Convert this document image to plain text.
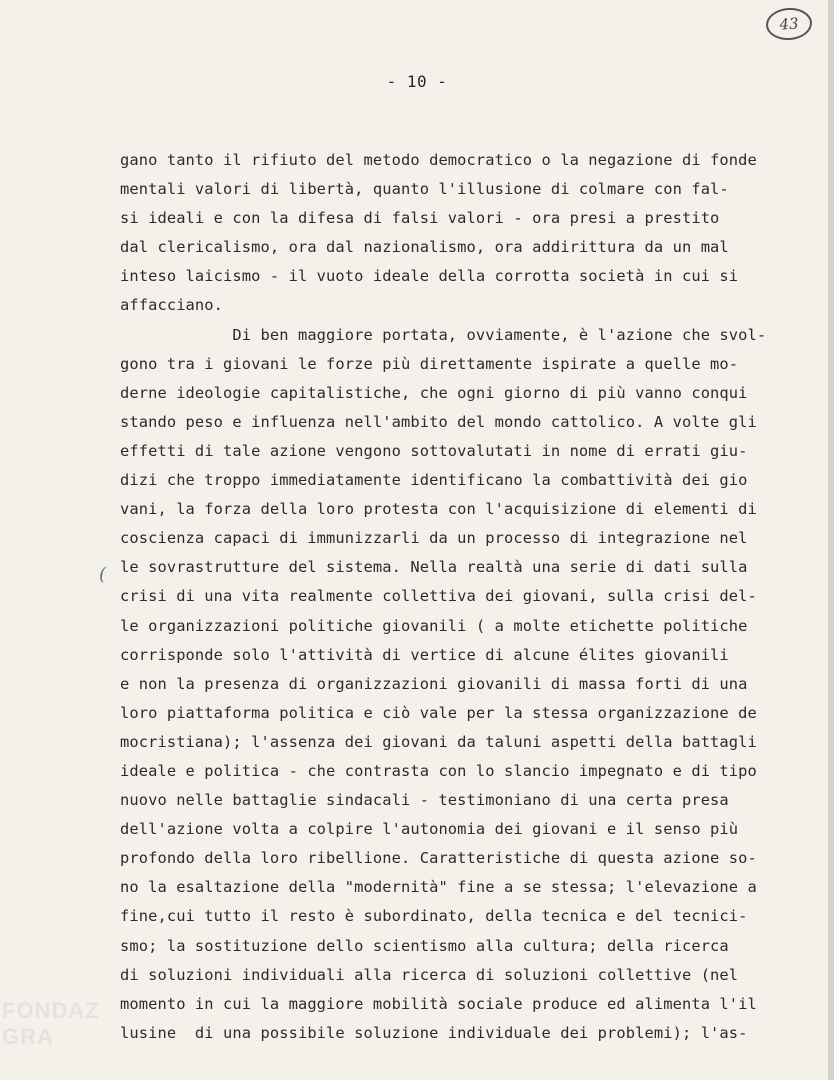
43
- 10 -
(
gano tanto il rifiuto del metodo democratico o la negazione di fonde
mentali valori di libertà, quanto l'illusione di colmare con fal-
si ideali e con la difesa di falsi valori - ora presi a prestito
dal clericalismo, ora dal nazionalismo, ora addirittura da un mal
inteso laicismo - il vuoto ideale della corrotta società in cui si
affacciano.
Di ben maggiore portata, ovviamente, è l'azione che svol-
gono tra i giovani le forze più direttamente ispirate a quelle mo-
derne ideologie capitalistiche, che ogni giorno di più vanno conqui
stando peso e influenza nell'ambito del mondo cattolico. A volte gli
effetti di tale azione vengono sottovalutati in nome di errati giu-
dizi che troppo immediatamente identificano la combattività dei gio
vani, la forza della loro protesta con l'acquisizione di elementi di
coscienza capaci di immunizzarli da un processo di integrazione nel
le sovrastrutture del sistema. Nella realtà una serie di dati sulla
crisi di una vita realmente collettiva dei giovani, sulla crisi del-
le organizzazioni politiche giovanili ( a molte etichette politiche
corrisponde solo l'attività di vertice di alcune élites giovanili
e non la presenza di organizzazioni giovanili di massa forti di una
loro piattaforma politica e ciò vale per la stessa organizzazione de
mocristiana); l'assenza dei giovani da taluni aspetti della battagli
ideale e politica - che contrasta con lo slancio impegnato e di tipo
nuovo nelle battaglie sindacali - testimoniano di una certa presa
dell'azione volta a colpire l'autonomia dei giovani e il senso più
profondo della loro ribellione. Caratteristiche di questa azione so-
no la esaltazione della "modernità" fine a se stessa; l'elevazione a
fine,cui tutto il resto è subordinato, della tecnica e del tecnici-
smo; la sostituzione dello scientismo alla cultura; della ricerca
di soluzioni individuali alla ricerca di soluzioni collettive (nel
momento in cui la maggiore mobilità sociale produce ed alimenta l'il
lusine  di una possibile soluzione individuale dei problemi); l'as-
FONDAZ
GRA
